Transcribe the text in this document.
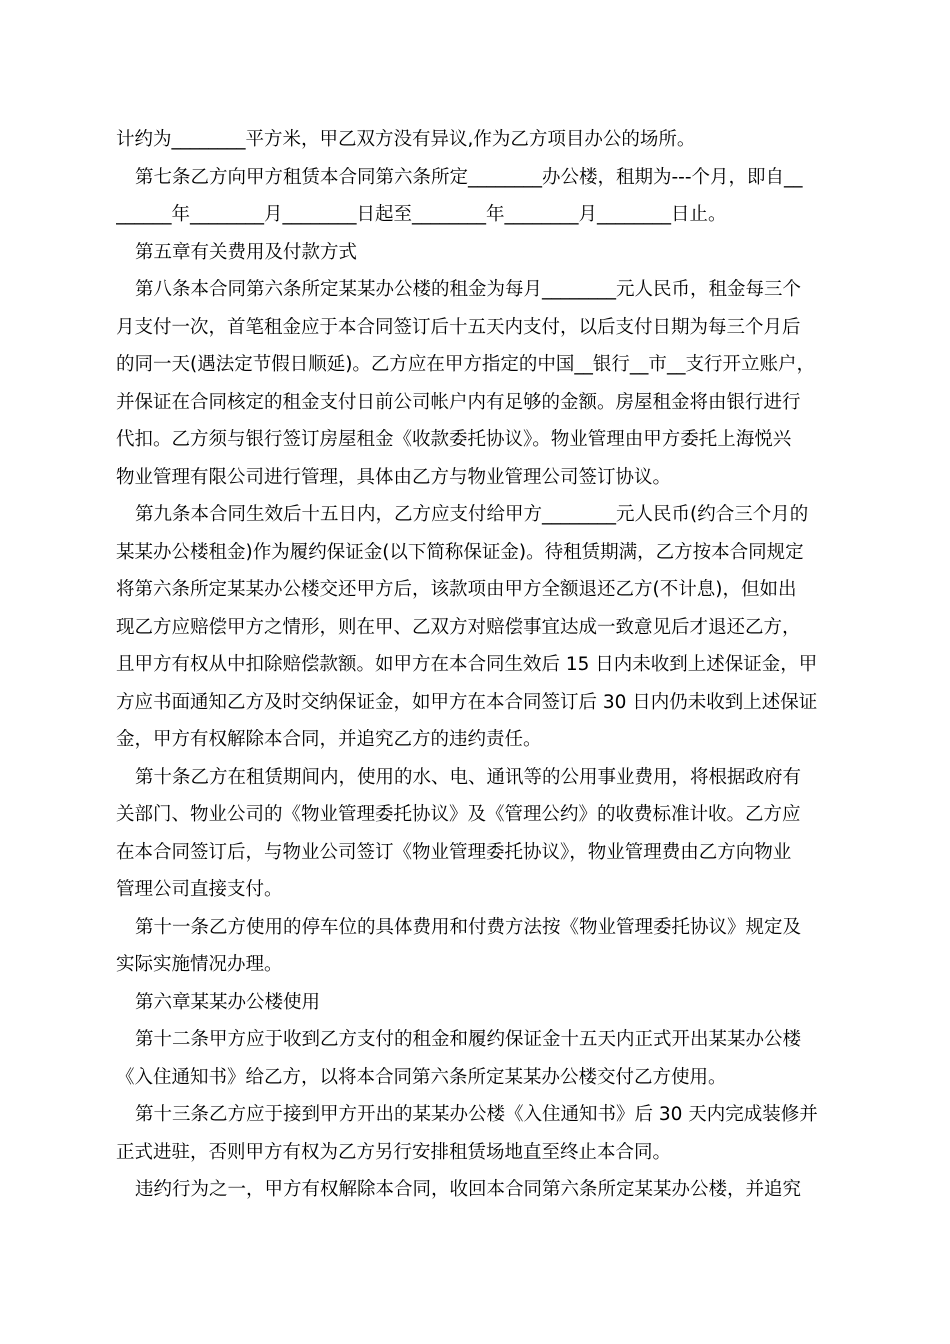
计约为________平方米，甲乙双方没有异议,作为乙方项目办公的场所。
第七条乙方向甲方租赁本合同第六条所定________办公楼，租期为---个月，即自__
______年________月________日起至________年________月________日止。
第五章有关费用及付款方式
第八条本合同第六条所定某某办公楼的租金为每月________元人民币，租金每三个
月支付一次，首笔租金应于本合同签订后十五天内支付，以后支付日期为每三个月后
的同一天(遇法定节假日顺延)。乙方应在甲方指定的中国__银行__市__支行开立账户，
并保证在合同核定的租金支付日前公司帐户内有足够的金额。房屋租金将由银行进行
代扣。乙方须与银行签订房屋租金《收款委托协议》。物业管理由甲方委托上海悦兴
物业管理有限公司进行管理，具体由乙方与物业管理公司签订协议。
第九条本合同生效后十五日内，乙方应支付给甲方________元人民币(约合三个月的
某某办公楼租金)作为履约保证金(以下简称保证金)。待租赁期满，乙方按本合同规定
将第六条所定某某办公楼交还甲方后，该款项由甲方全额退还乙方(不计息)，但如出
现乙方应赔偿甲方之情形，则在甲、乙双方对赔偿事宜达成一致意见后才退还乙方，
且甲方有权从中扣除赔偿款额。如甲方在本合同生效后 15 日内未收到上述保证金，甲
方应书面通知乙方及时交纳保证金，如甲方在本合同签订后 30 日内仍未收到上述保证
金，甲方有权解除本合同，并追究乙方的违约责任。
第十条乙方在租赁期间内，使用的水、电、通讯等的公用事业费用，将根据政府有
关部门、物业公司的《物业管理委托协议》及《管理公约》的收费标准计收。乙方应
在本合同签订后，与物业公司签订《物业管理委托协议》，物业管理费由乙方向物业
管理公司直接支付。
第十一条乙方使用的停车位的具体费用和付费方法按《物业管理委托协议》规定及
实际实施情况办理。
第六章某某办公楼使用
第十二条甲方应于收到乙方支付的租金和履约保证金十五天内正式开出某某办公楼
《入住通知书》给乙方，以将本合同第六条所定某某办公楼交付乙方使用。
第十三条乙方应于接到甲方开出的某某办公楼《入住通知书》后 30 天内完成装修并
正式进驻，否则甲方有权为乙方另行安排租赁场地直至终止本合同。
违约行为之一，甲方有权解除本合同，收回本合同第六条所定某某办公楼，并追究
